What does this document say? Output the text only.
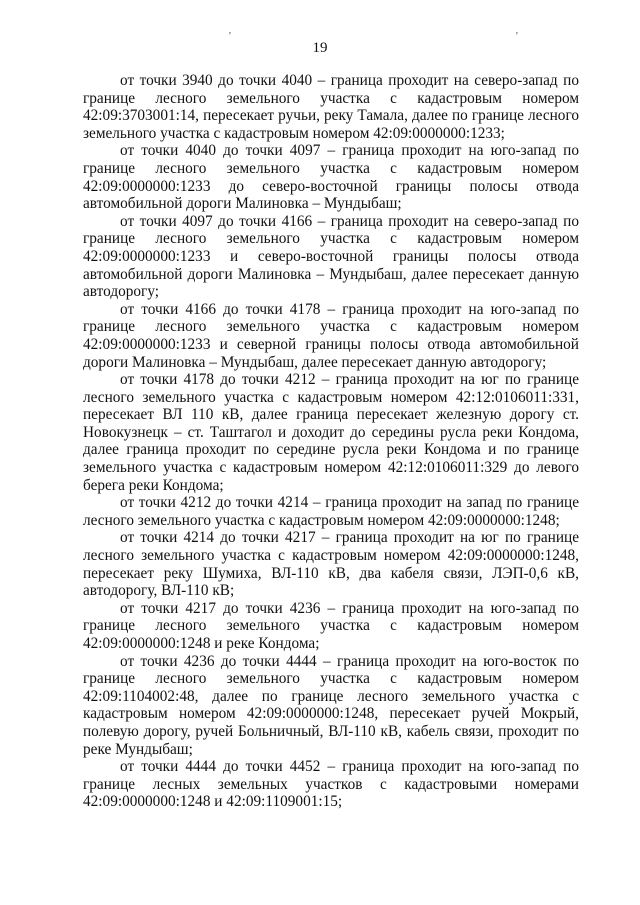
ʼ	ʼ
19

от точки 3940 до точки 4040 – граница проходит на северо-запад по границе лесного земельного участка с кадастровым номером 42:09:3703001:14, пересекает ручьи, реку Тамала, далее по границе лесного земельного участка с кадастровым номером 42:09:0000000:1233;

от точки 4040 до точки 4097 – граница проходит на юго-запад по границе лесного земельного участка с кадастровым номером 42:09:0000000:1233 до северо-восточной границы полосы отвода автомобильной дороги Малиновка – Мундыбаш;

от точки 4097 до точки 4166 – граница проходит на северо-запад по границе лесного земельного участка с кадастровым номером 42:09:0000000:1233 и северо-восточной границы полосы отвода автомобильной дороги Малиновка – Мундыбаш, далее пересекает данную автодорогу;

от точки 4166 до точки 4178 – граница проходит на юго-запад по границе лесного земельного участка с кадастровым номером 42:09:0000000:1233 и северной границы полосы отвода автомобильной дороги Малиновка – Мундыбаш, далее пересекает данную автодорогу;

от точки 4178 до точки 4212 – граница проходит на юг по границе лесного земельного участка с кадастровым номером 42:12:0106011:331, пересекает ВЛ 110 кВ, далее граница пересекает железную дорогу ст. Новокузнецк – ст. Таштагол и доходит до середины русла реки Кондома, далее граница проходит по середине русла реки Кондома и по границе земельного участка с кадастровым номером 42:12:0106011:329 до левого берега реки Кондома;

от точки 4212 до точки 4214 – граница проходит на запад по границе лесного земельного участка с кадастровым номером 42:09:0000000:1248;

от точки 4214 до точки 4217 – граница проходит на юг по границе лесного земельного участка с кадастровым номером 42:09:0000000:1248, пересекает реку Шумиха, ВЛ-110 кВ, два кабеля связи, ЛЭП-0,6 кВ, автодорогу, ВЛ-110 кВ;

от точки 4217 до точки 4236 – граница проходит на юго-запад по границе лесного земельного участка с кадастровым номером 42:09:0000000:1248 и реке Кондома;

от точки 4236 до точки 4444 – граница проходит на юго-восток по границе лесного земельного участка с кадастровым номером 42:09:1104002:48, далее по границе лесного земельного участка с кадастровым номером 42:09:0000000:1248, пересекает ручей Мокрый, полевую дорогу, ручей Больничный, ВЛ-110 кВ, кабель связи, проходит по реке Мундыбаш;

от точки 4444 до точки 4452 – граница проходит на юго-запад по границе лесных земельных участков с кадастровыми номерами 42:09:0000000:1248 и 42:09:1109001:15;
